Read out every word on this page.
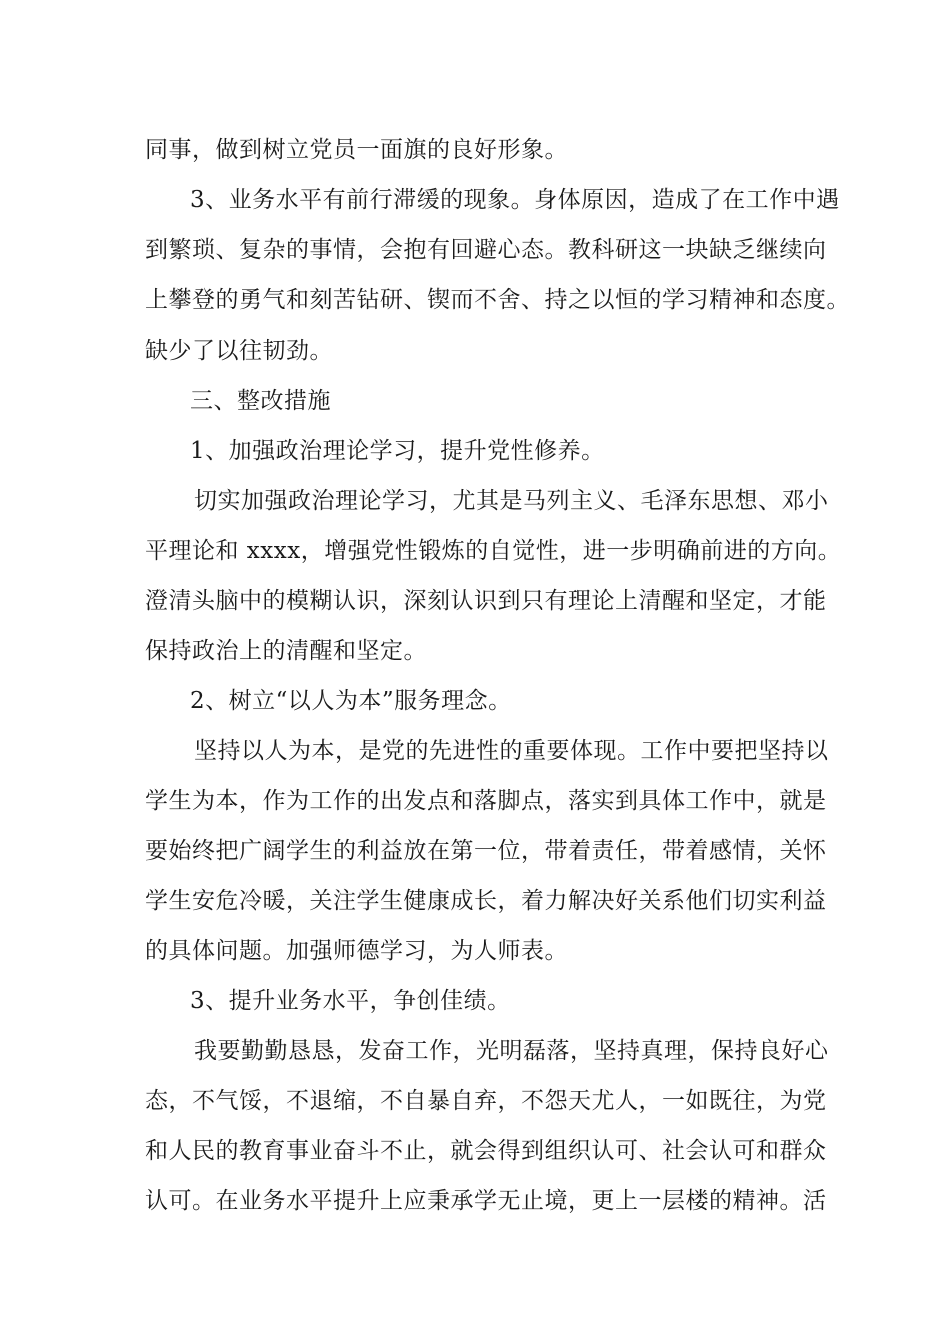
同事，做到树立党员一面旗的良好形象。
3、业务水平有前行滞缓的现象。身体原因，造成了在工作中遇
到繁琐、复杂的事情，会抱有回避心态。教科研这一块缺乏继续向
上攀登的勇气和刻苦钻研、锲而不舍、持之以恒的学习精神和态度。
缺少了以往韧劲。
三、整改措施
1、加强政治理论学习，提升党性修养。
切实加强政治理论学习，尤其是马列主义、毛泽东思想、邓小
平理论和 xxxx，增强党性锻炼的自觉性，进一步明确前进的方向。
澄清头脑中的模糊认识，深刻认识到只有理论上清醒和坚定，才能
保持政治上的清醒和坚定。
2、树立“以人为本”服务理念。
坚持以人为本，是党的先进性的重要体现。工作中要把坚持以
学生为本，作为工作的出发点和落脚点，落实到具体工作中，就是
要始终把广阔学生的利益放在第一位，带着责任，带着感情，关怀
学生安危冷暖，关注学生健康成长，着力解决好关系他们切实利益
的具体问题。加强师德学习，为人师表。
3、提升业务水平，争创佳绩。
我要勤勤恳恳，发奋工作，光明磊落，坚持真理，保持良好心
态，不气馁，不退缩，不自暴自弃，不怨天尤人，一如既往，为党
和人民的教育事业奋斗不止，就会得到组织认可、社会认可和群众
认可。在业务水平提升上应秉承学无止境，更上一层楼的精神。活
